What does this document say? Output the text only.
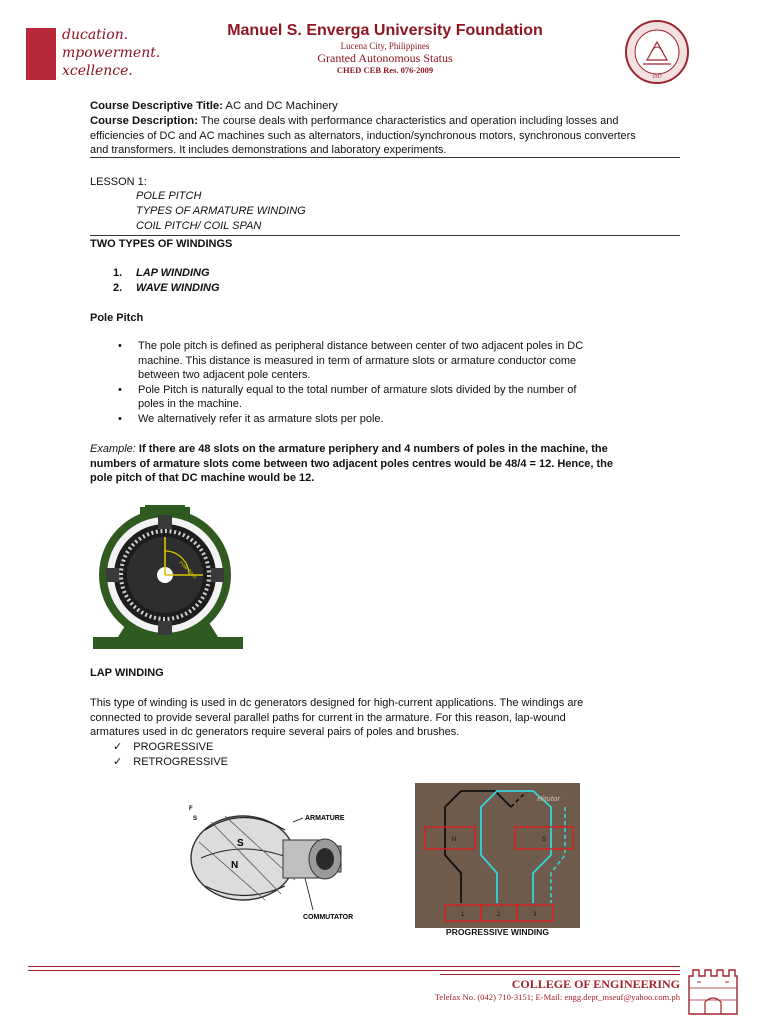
ducation.
mpowerment.
xcellence.
Manuel S. Enverga University Foundation
Lucena City, Philippines
Granted Autonomous Status
CHED CEB Res. 076-2009
1947
Course Descriptive Title: AC and DC Machinery
Course Description: The course deals with performance characteristics and operation including losses and
efficiencies of DC and AC machines such as alternators, induction/synchronous motors, synchronous converters
and transformers. It includes demonstrations and laboratory experiments.
LESSON 1:
POLE PITCH
TYPES OF ARMATURE WINDING
COIL PITCH/ COIL SPAN
TWO TYPES OF WINDINGS
1. LAP WINDING
2. WAVE WINDING
Pole Pitch
• The pole pitch is defined as peripheral distance between center of two adjacent poles in DC
machine. This distance is measured in term of armature slots or armature conductor come
between two adjacent pole centers.
• Pole Pitch is naturally equal to the total number of armature slots divided by the number of
poles in the machine.
• We alternatively refer it as armature slots per pole.
Example: If there are 48 slots on the armature periphery and 4 numbers of poles in the machine, the
numbers of armature slots come between two adjacent poles centres would be 48/4 = 12. Hence, the
pole pitch of that DC machine would be 12.
Pole Pitch
LAP WINDING
This type of winding is used in dc generators designed for high-current applications. The windings are
connected to provide several parallel paths for current in the armature. For this reason, lap-wound
armatures used in dc generators require several pairs of poles and brushes.
✓ PROGRESSIVE
✓ RETROGRESSIVE
F
S
S
N
ARMATURE
COMMUTATOR
N	S
1	2	3
Hitutor
PROGRESSIVE WINDING
COLLEGE OF ENGINEERING
Telefax No. (042) 710-3151; E-Mail: engg.dept_mseuf@yahoo.com.ph
